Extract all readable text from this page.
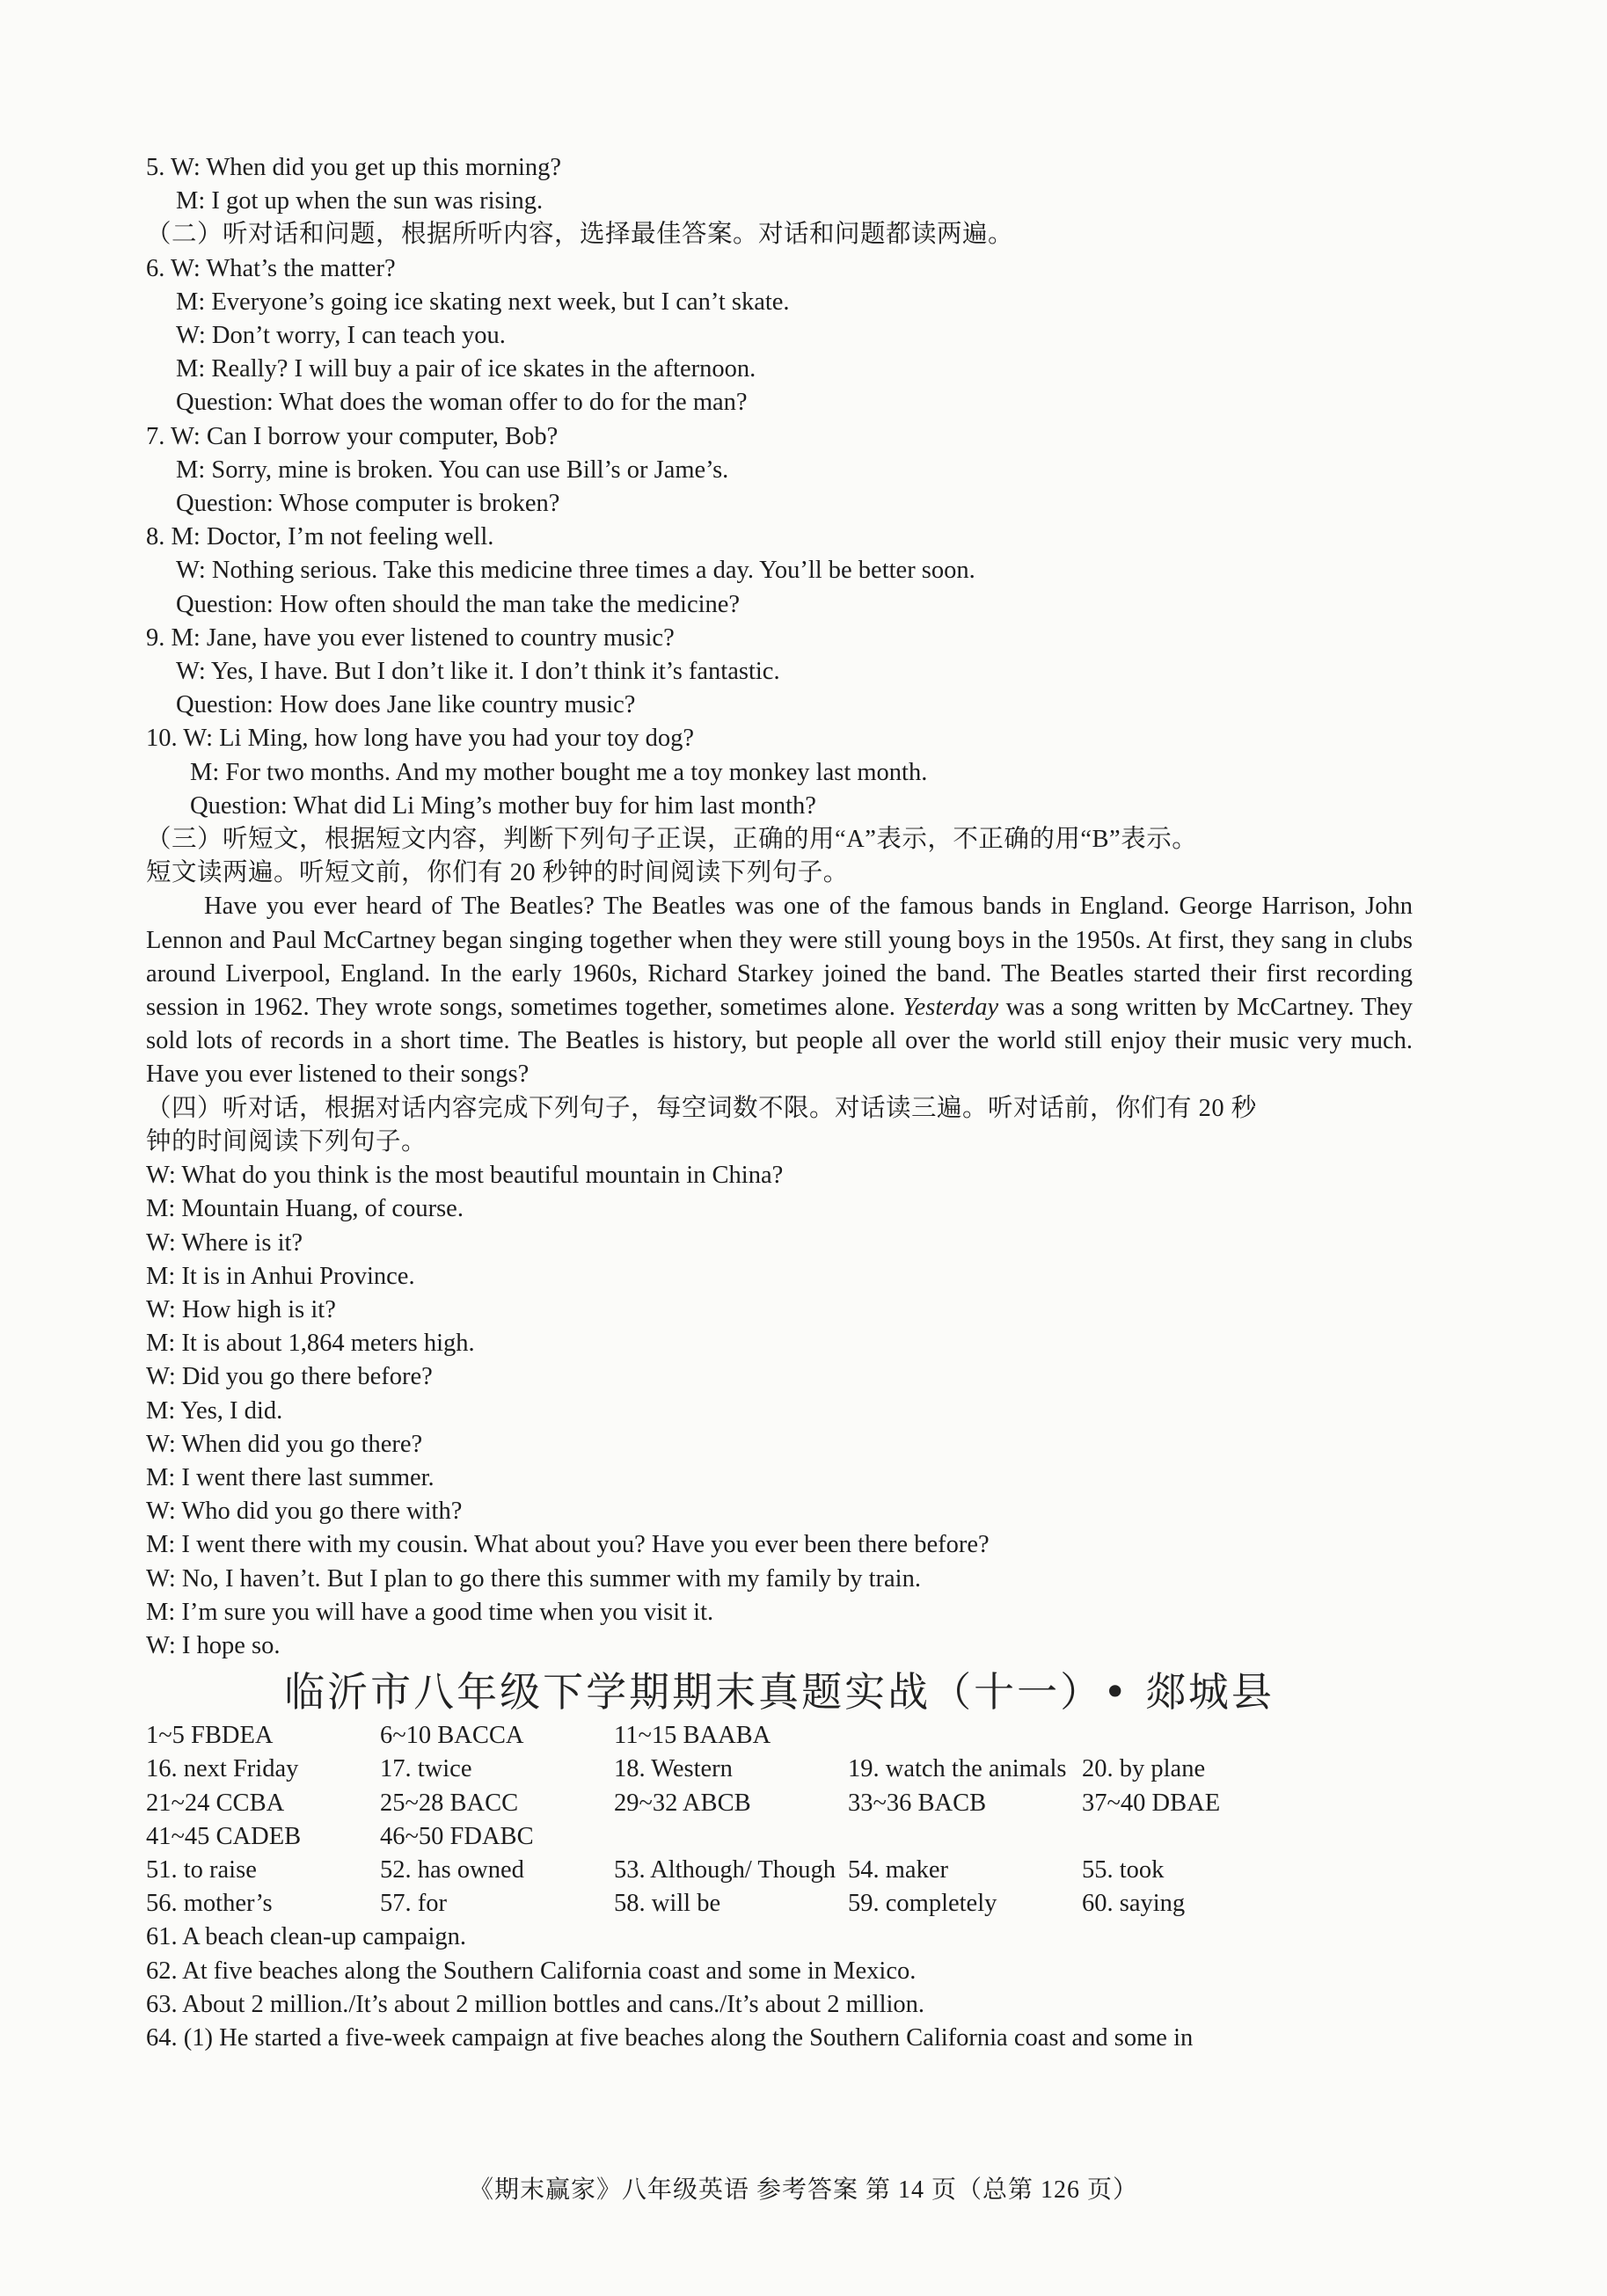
5. W: When did you get up this morning?
M: I got up when the sun was rising.
（二）听对话和问题，根据所听内容，选择最佳答案。对话和问题都读两遍。
6. W: What’s the matter?
M: Everyone’s going ice skating next week, but I can’t skate.
W: Don’t worry, I can teach you.
M: Really? I will buy a pair of ice skates in the afternoon.
Question: What does the woman offer to do for the man?
7. W: Can I borrow your computer, Bob?
M: Sorry, mine is broken. You can use Bill’s or Jame’s.
Question: Whose computer is broken?
8. M: Doctor, I’m not feeling well.
W: Nothing serious. Take this medicine three times a day. You’ll be better soon.
Question: How often should the man take the medicine?
9. M: Jane, have you ever listened to country music?
W: Yes, I have. But I don’t like it. I don’t think it’s fantastic.
Question: How does Jane like country music?
10. W: Li Ming, how long have you had your toy dog?
M: For two months. And my mother bought me a toy monkey last month.
Question: What did Li Ming’s mother buy for him last month?
（三）听短文，根据短文内容，判断下列句子正误，正确的用“A”表示，不正确的用“B”表示。
短文读两遍。听短文前，你们有 20 秒钟的时间阅读下列句子。
Have you ever heard of The Beatles? The Beatles was one of the famous bands in England. George Harrison, John Lennon and Paul McCartney began singing together when they were still young boys in the 1950s. At first, they sang in clubs around Liverpool, England. In the early 1960s, Richard Starkey joined the band. The Beatles started their first recording session in 1962. They wrote songs, sometimes together, sometimes alone. Yesterday was a song written by McCartney. They sold lots of records in a short time. The Beatles is history, but people all over the world still enjoy their music very much. Have you ever listened to their songs?
（四）听对话，根据对话内容完成下列句子，每空词数不限。对话读三遍。听对话前，你们有 20 秒
钟的时间阅读下列句子。
W: What do you think is the most beautiful mountain in China?
M: Mountain Huang, of course.
W: Where is it?
M: It is in Anhui Province.
W: How high is it?
M: It is about 1,864 meters high.
W: Did you go there before?
M: Yes, I did.
W: When did you go there?
M: I went there last summer.
W: Who did you go there with?
M: I went there with my cousin. What about you? Have you ever been there before?
W: No, I haven’t. But I plan to go there this summer with my family by train.
M: I’m sure you will have a good time when you visit it.
W: I hope so.
临沂市八年级下学期期末真题实战（十一）• 郯城县
1~5 FBDEA	6~10 BACCA	11~15 BAABA
16. next Friday	17. twice	18. Western	19. watch the animals 20. by plane
21~24 CCBA	25~28 BACC	29~32 ABCB	33~36 BACB	37~40 DBAE
41~45 CADEB	46~50 FDABC
51. to raise	52. has owned	53. Although/ Though 54. maker	55. took
56. mother’s	57. for	58. will be	59. completely	60. saying
61. A beach clean-up campaign.
62. At five beaches along the Southern California coast and some in Mexico.
63. About 2 million./It’s about 2 million bottles and cans./It’s about 2 million.
64. (1) He started a five-week campaign at five beaches along the Southern California coast and some in
《期末赢家》八年级英语 参考答案 第 14 页（总第 126 页）
